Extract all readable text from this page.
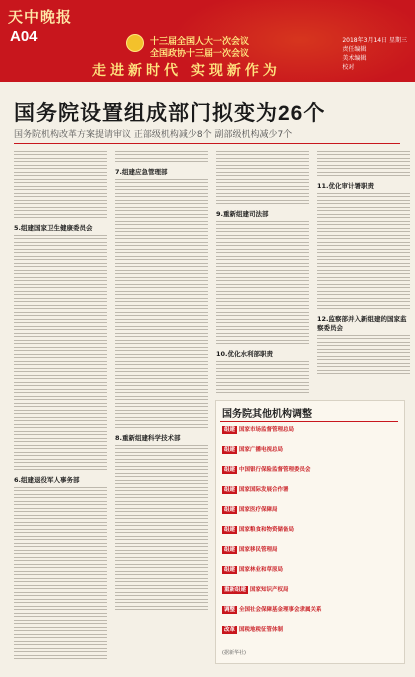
天中晚报
A04	十三届全国人大一次会议
全国政协十三届一次会议
走进新时代 实现新作为
2018年3月14日 星期三
责任编辑
美术编辑
校对
国务院设置组成部门拟变为26个
国务院机构改革方案提请审议 正部级机构减少8个 副部级机构减少7个
5.组建国家卫生健康委员会
6.组建退役军人事务部
7.组建应急管理部
8.重新组建科学技术部
9.重新组建司法部
10.优化水利部职责
11.优化审计署职责
12.监察部并入新组建的国家监察委员会
国务院其他机构调整
组建 国家市场监督管理总局
组建 国家广播电视总局
组建 中国银行保险监督管理委员会
组建 国家国际发展合作署
组建 国家医疗保障局
组建 国家粮食和物资储备局
组建 国家移民管理局
组建 国家林业和草原局
重新组建 国家知识产权局
调整 全国社会保障基金理事会隶属关系
改革 国税地税征管体制
(据新华社)
